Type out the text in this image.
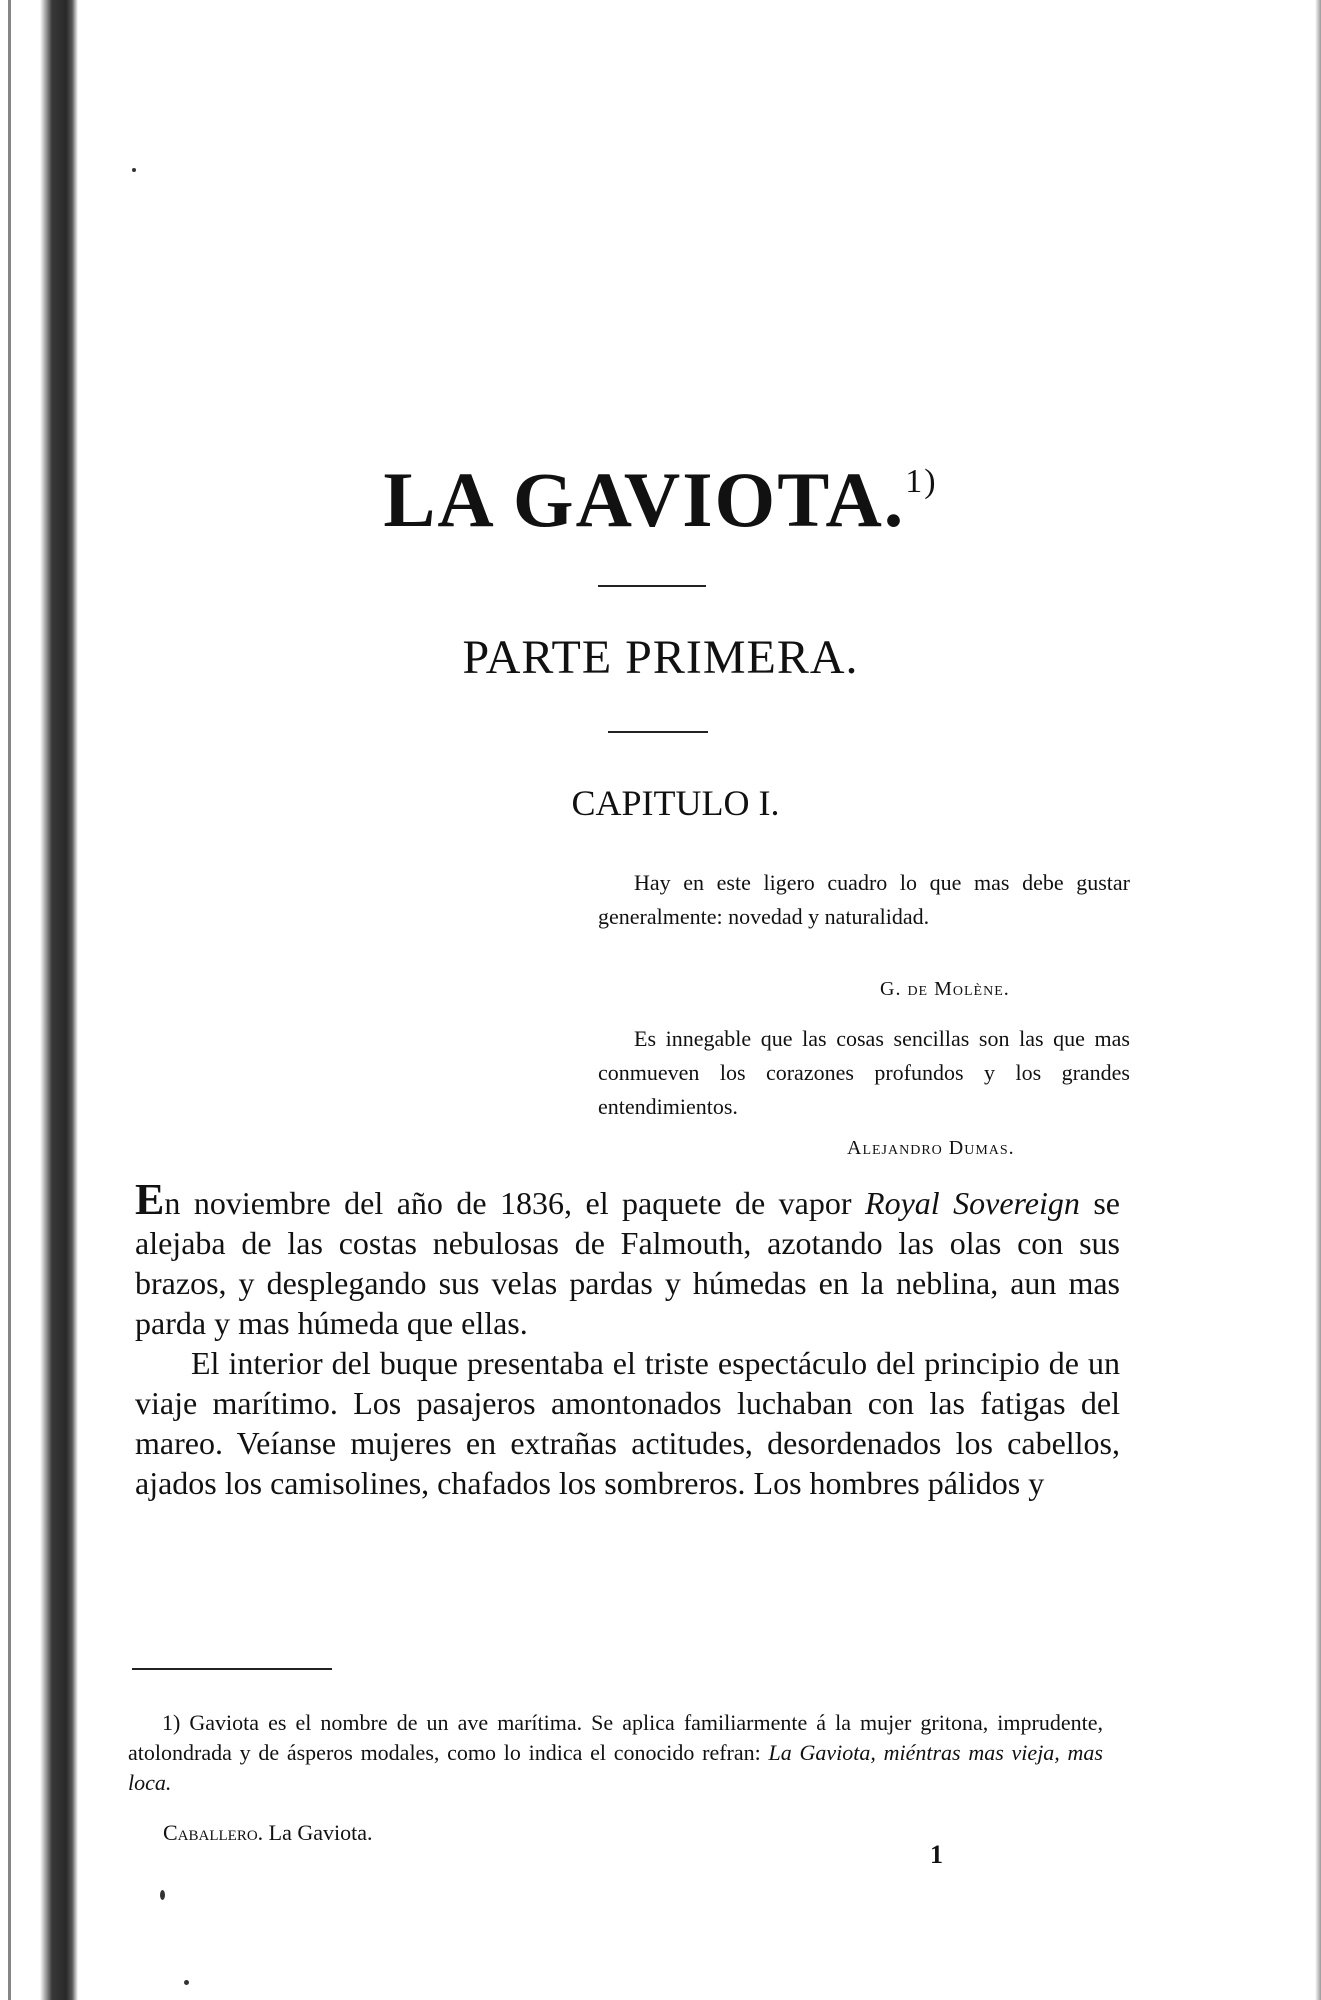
LA GAVIOTA.$^{1)}$
PARTE PRIMERA.
CAPITULO I.

Hay en este ligero cuadro lo que mas debe gustar generalmente: novedad y naturalidad.

G. de Molène.

Es innegable que las cosas sencillas son las que mas conmueven los corazones profundos y los grandes entendimientos.

Alejandro Dumas.

En noviembre del año de 1836, el paquete de vapor Royal Sovereign se alejaba de las costas nebulosas de Falmouth, azotando las olas con sus brazos, y desplegando sus velas pardas y húmedas en la neblina, aun mas parda y mas húmeda que ellas.

El interior del buque presentaba el triste espectáculo del principio de un viaje marítimo. Los pasajeros amontonados luchaban con las fatigas del mareo. Veíanse mujeres en extrañas actitudes, desordenados los cabellos, ajados los camisolines, chafados los sombreros. Los hombres pálidos y

1) Gaviota es el nombre de un ave marítima. Se aplica familiarmente á la mujer gritona, imprudente, atolondrada y de ásperos modales, como lo indica el conocido refran: La Gaviota, miéntras mas vieja, mas loca.

Caballero. La Gaviota.
1
